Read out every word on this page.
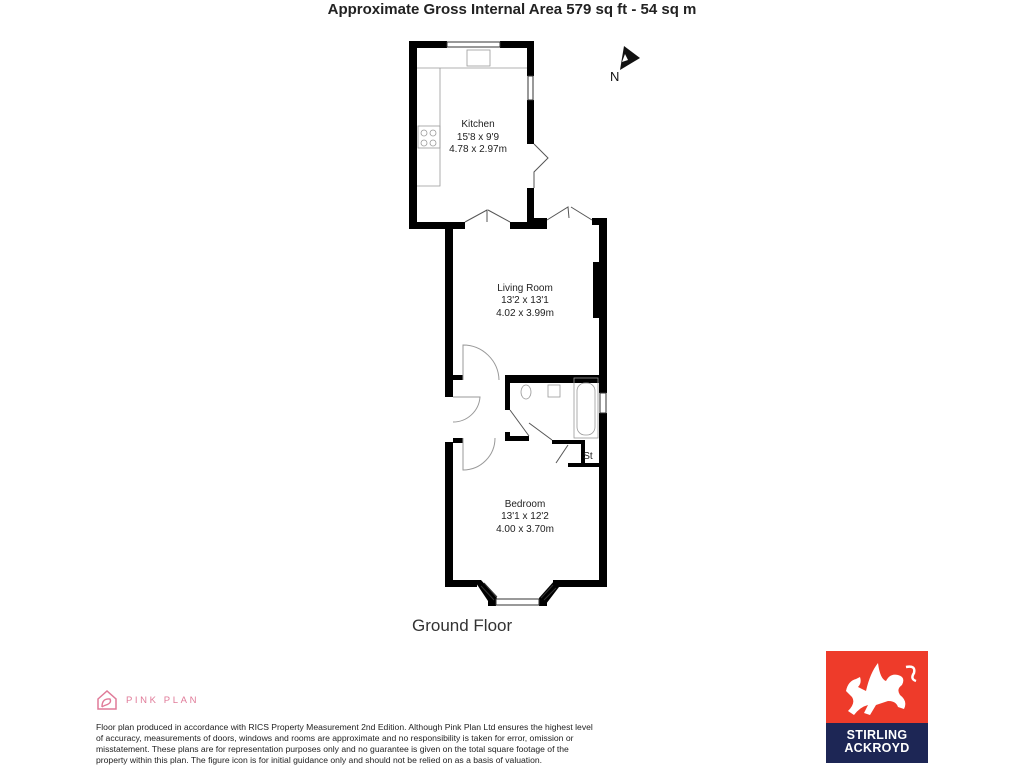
Approximate Gross Internal Area 579 sq ft - 54 sq m
Kitchen
15'8 x 9'9
4.78 x 2.97m
Living Room
13'2 x 13'1
4.02 x 3.99m
Bedroom
13'1 x 12'2
4.00 x 3.70m
St
N
Ground Floor
PINK PLAN
Floor plan produced in accordance with RICS Property Measurement 2nd Edition. Although Pink Plan Ltd ensures the highest level of accuracy, measurements of doors, windows and rooms are approximate and no responsibility is taken for error, omission or misstatement. These plans are for representation purposes only and no guarantee is given on the total square footage of the property within this plan. The figure icon is for initial guidance only and should not be relied on as a basis of valuation.
STIRLING
ACKROYD
